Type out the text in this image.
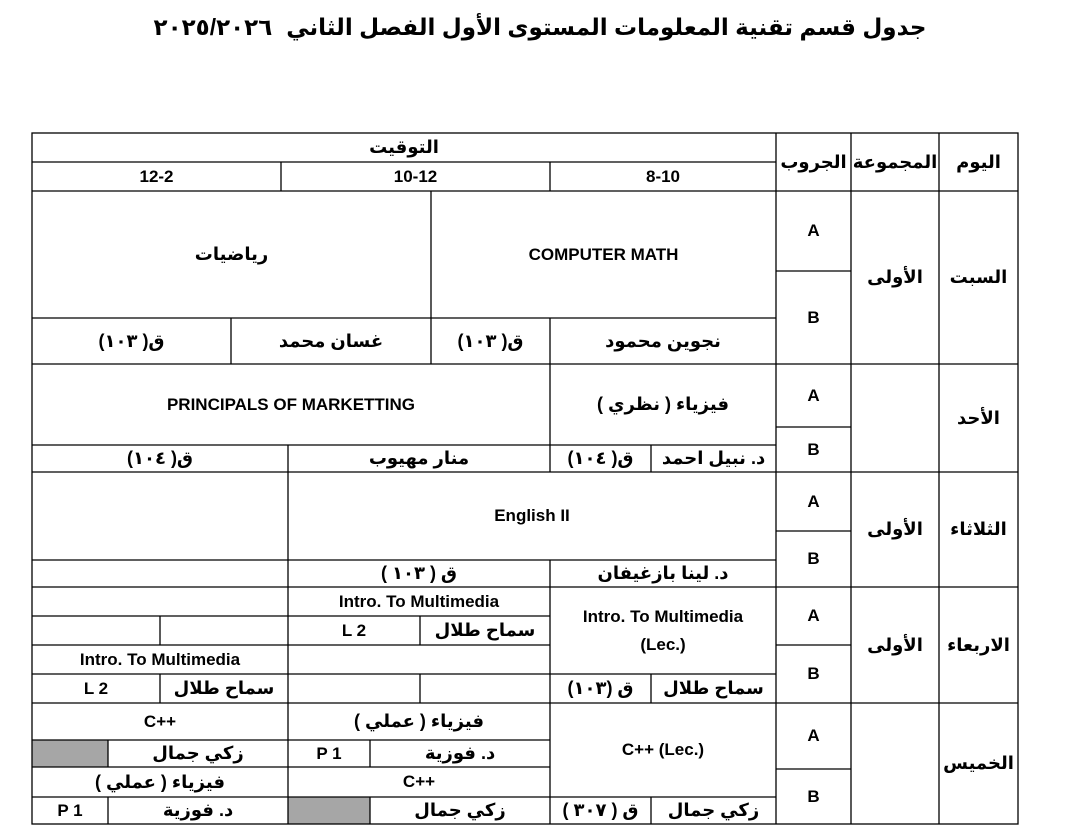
جدول قسم تقنية المعلومات المستوى الأول الفصل الثاني٢٠٢٥/٢٠٢٦
اليوم
المجموعة
الجروب
التوقيت
8-10
10-12
12-2
السبت
الأولى
A
B
COMPUTER MATH
رياضيات
نجوين محمود
ق( ١٠٣)
غسان محمد
ق( ١٠٣)
الأحد
A
B
فيزياء ( نظري )
PRINCIPALS OF MARKETTING
د. نبيل احمد
ق( ١٠٤)
منار مهيوب
ق( ١٠٤)
الثلاثاء
الأولى
A
B
English II
د. لينا بازغيفان
ق ( ١٠٣ )
الاربعاء
الأولى
A
B
Intro. To Multimedia
(Lec.)
سماح طلال
ق (١٠٣)
Intro. To Multimedia
سماح طلال
L 2
Intro. To Multimedia
سماح طلال
L 2
الخميس
A
B
C++ (Lec.)
زكي جمال
ق ( ٣٠٧ )
فيزياء ( عملي )
د. فوزية
P 1
C++
زكي جمال
C++
زكي جمال
فيزياء ( عملي )
د. فوزية
P 1
